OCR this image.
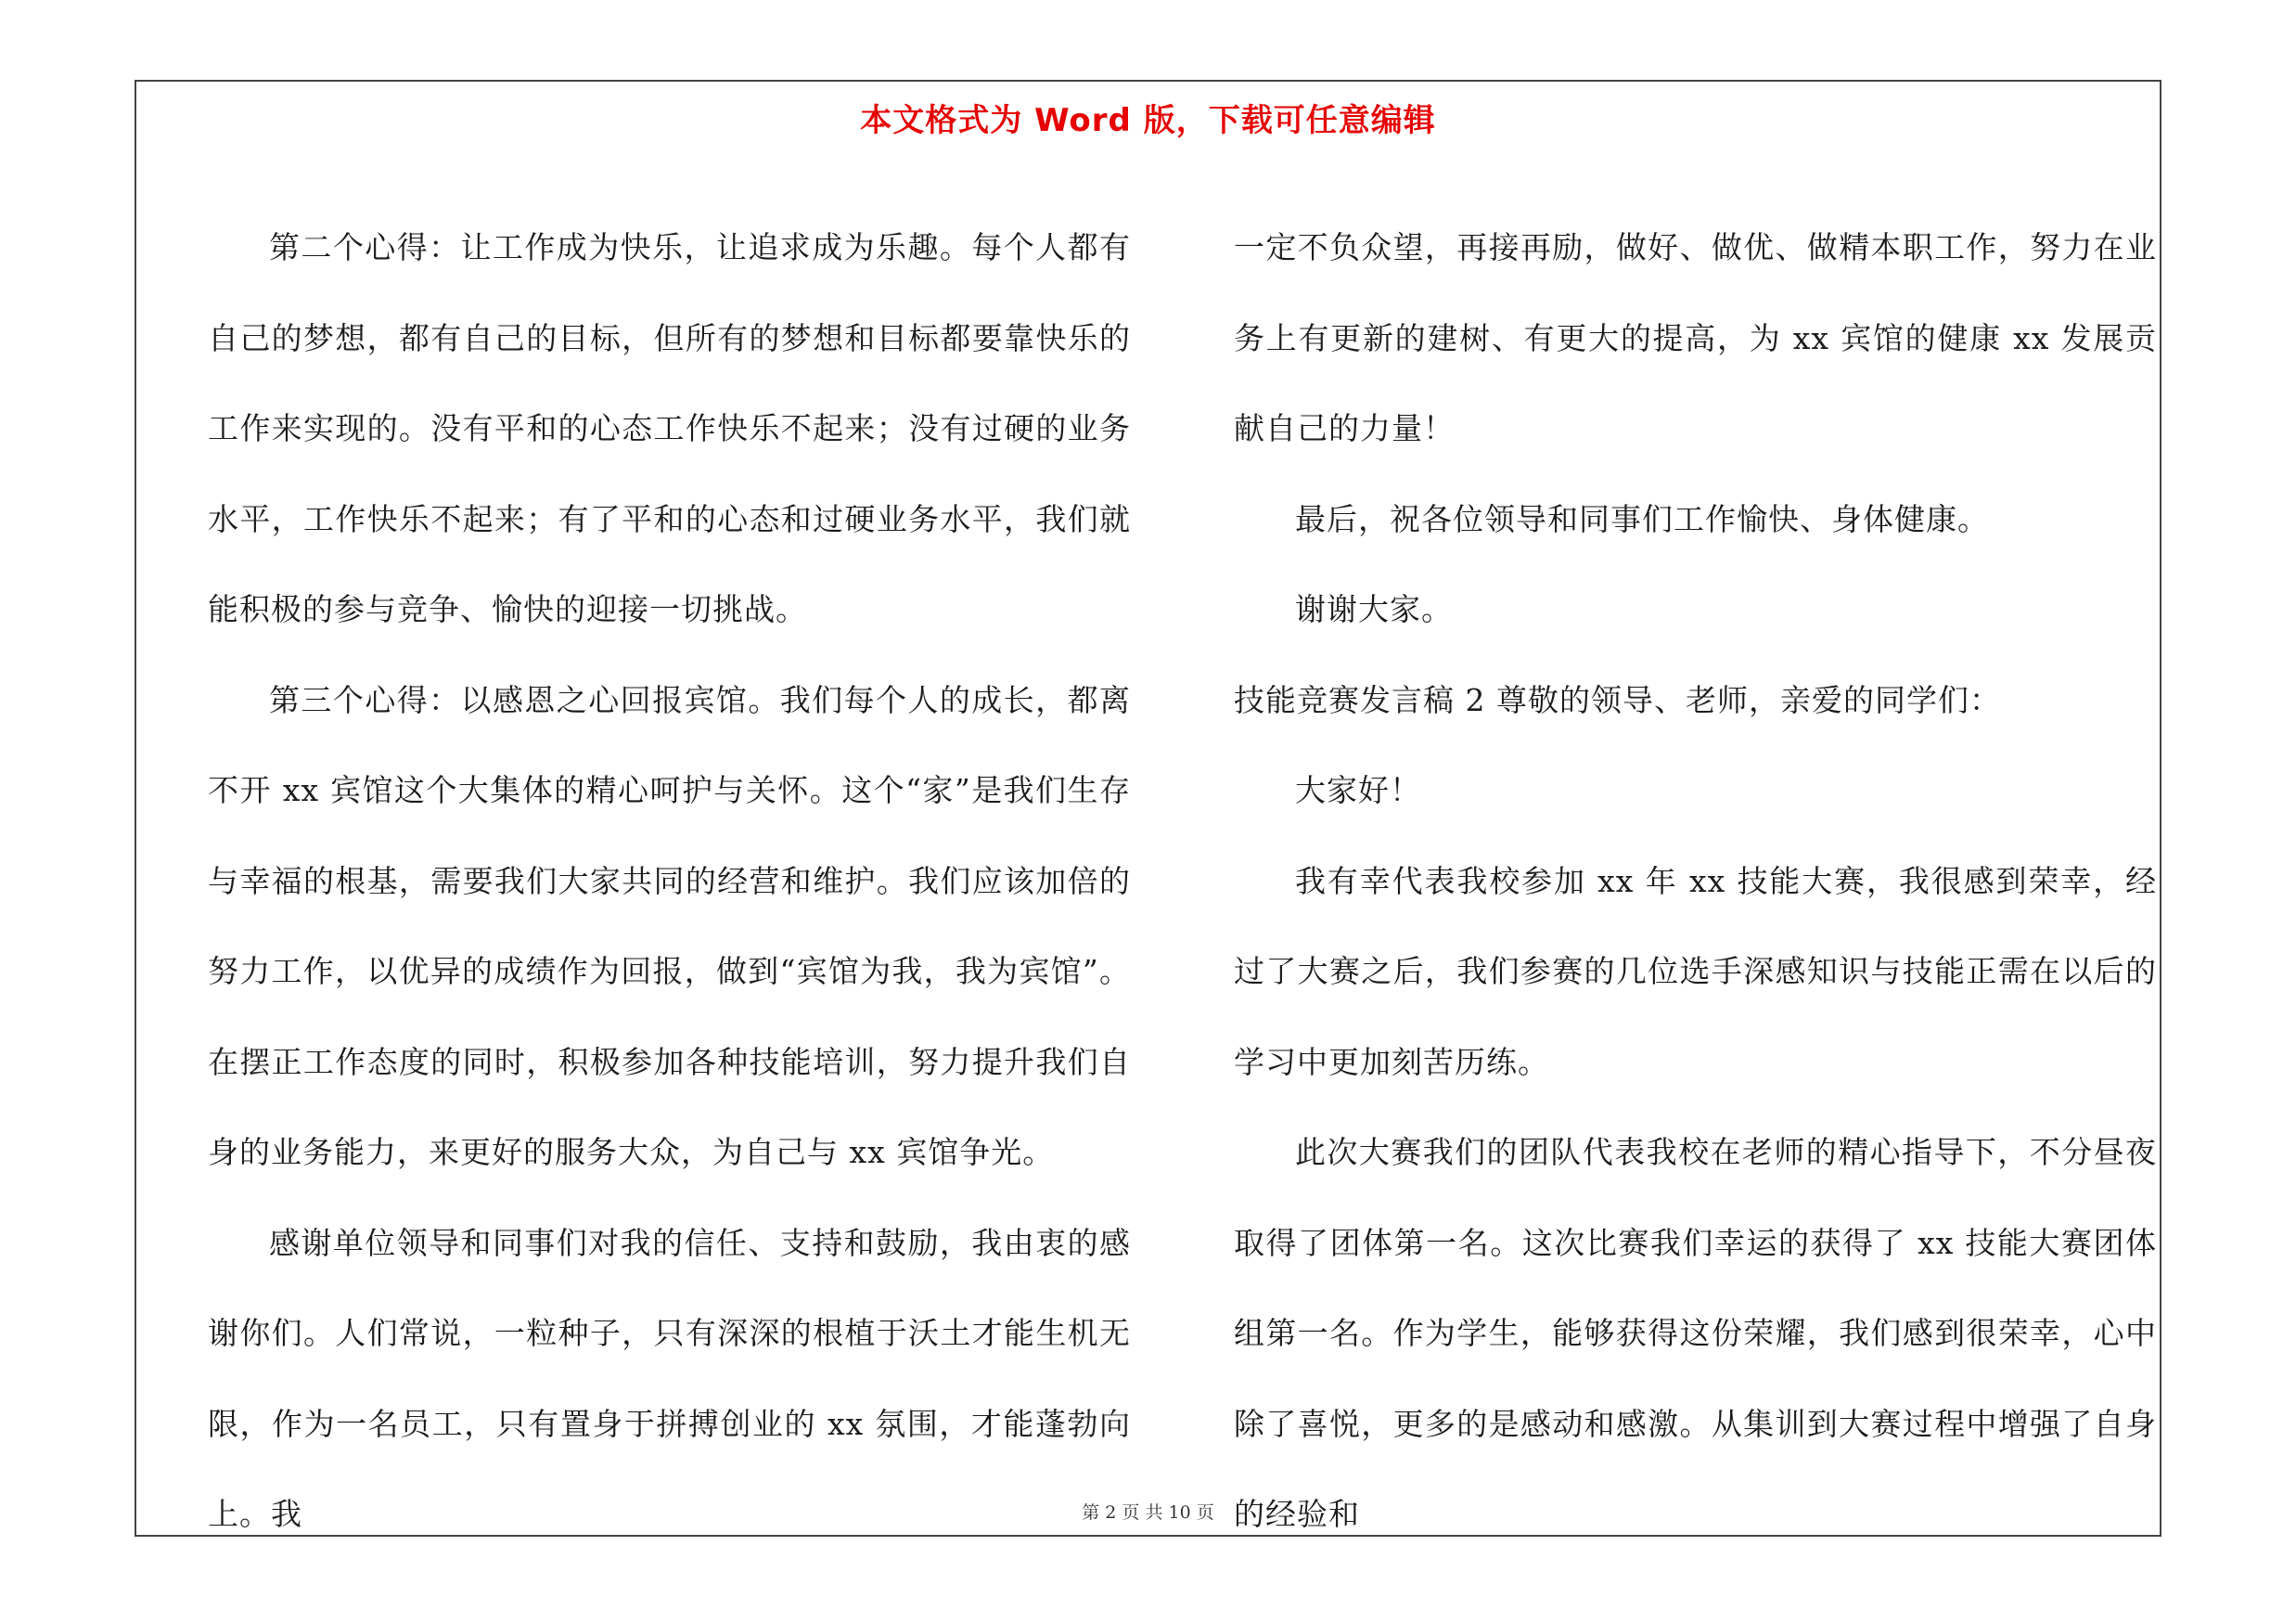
本文格式为 Word 版，下载可任意编辑

第二个心得：让工作成为快乐，让追求成为乐趣。每个人都有自己的梦想，都有自己的目标，但所有的梦想和目标都要靠快乐的工作来实现的。没有平和的心态工作快乐不起来；没有过硬的业务水平，工作快乐不起来；有了平和的心态和过硬业务水平，我们就能积极的参与竞争、愉快的迎接一切挑战。

第三个心得：以感恩之心回报宾馆。我们每个人的成长，都离不开 xx 宾馆这个大集体的精心呵护与关怀。这个“家”是我们生存与幸福的根基，需要我们大家共同的经营和维护。我们应该加倍的努力工作，以优异的成绩作为回报，做到“宾馆为我，我为宾馆”。在摆正工作态度的同时，积极参加各种技能培训，努力提升我们自身的业务能力，来更好的服务大众，为自己与 xx 宾馆争光。

感谢单位领导和同事们对我的信任、支持和鼓励，我由衷的感谢你们。人们常说，一粒种子，只有深深的根植于沃土才能生机无限，作为一名员工，只有置身于拼搏创业的 xx 氛围，才能蓬勃向上。我

一定不负众望，再接再励，做好、做优、做精本职工作，努力在业务上有更新的建树、有更大的提高，为 xx 宾馆的健康 xx 发展贡献自己的力量！

最后，祝各位领导和同事们工作愉快、身体健康。

谢谢大家。

技能竞赛发言稿 2 尊敬的领导、老师，亲爱的同学们：

大家好！

我有幸代表我校参加 xx 年 xx 技能大赛，我很感到荣幸，经过了大赛之后，我们参赛的几位选手深感知识与技能正需在以后的学习中更加刻苦历练。

此次大赛我们的团队代表我校在老师的精心指导下，不分昼夜取得了团体第一名。这次比赛我们幸运的获得了 xx 技能大赛团体组第一名。作为学生，能够获得这份荣耀，我们感到很荣幸，心中除了喜悦，更多的是感动和感激。从集训到大赛过程中增强了自身的经验和

第 2 页 共 10 页
